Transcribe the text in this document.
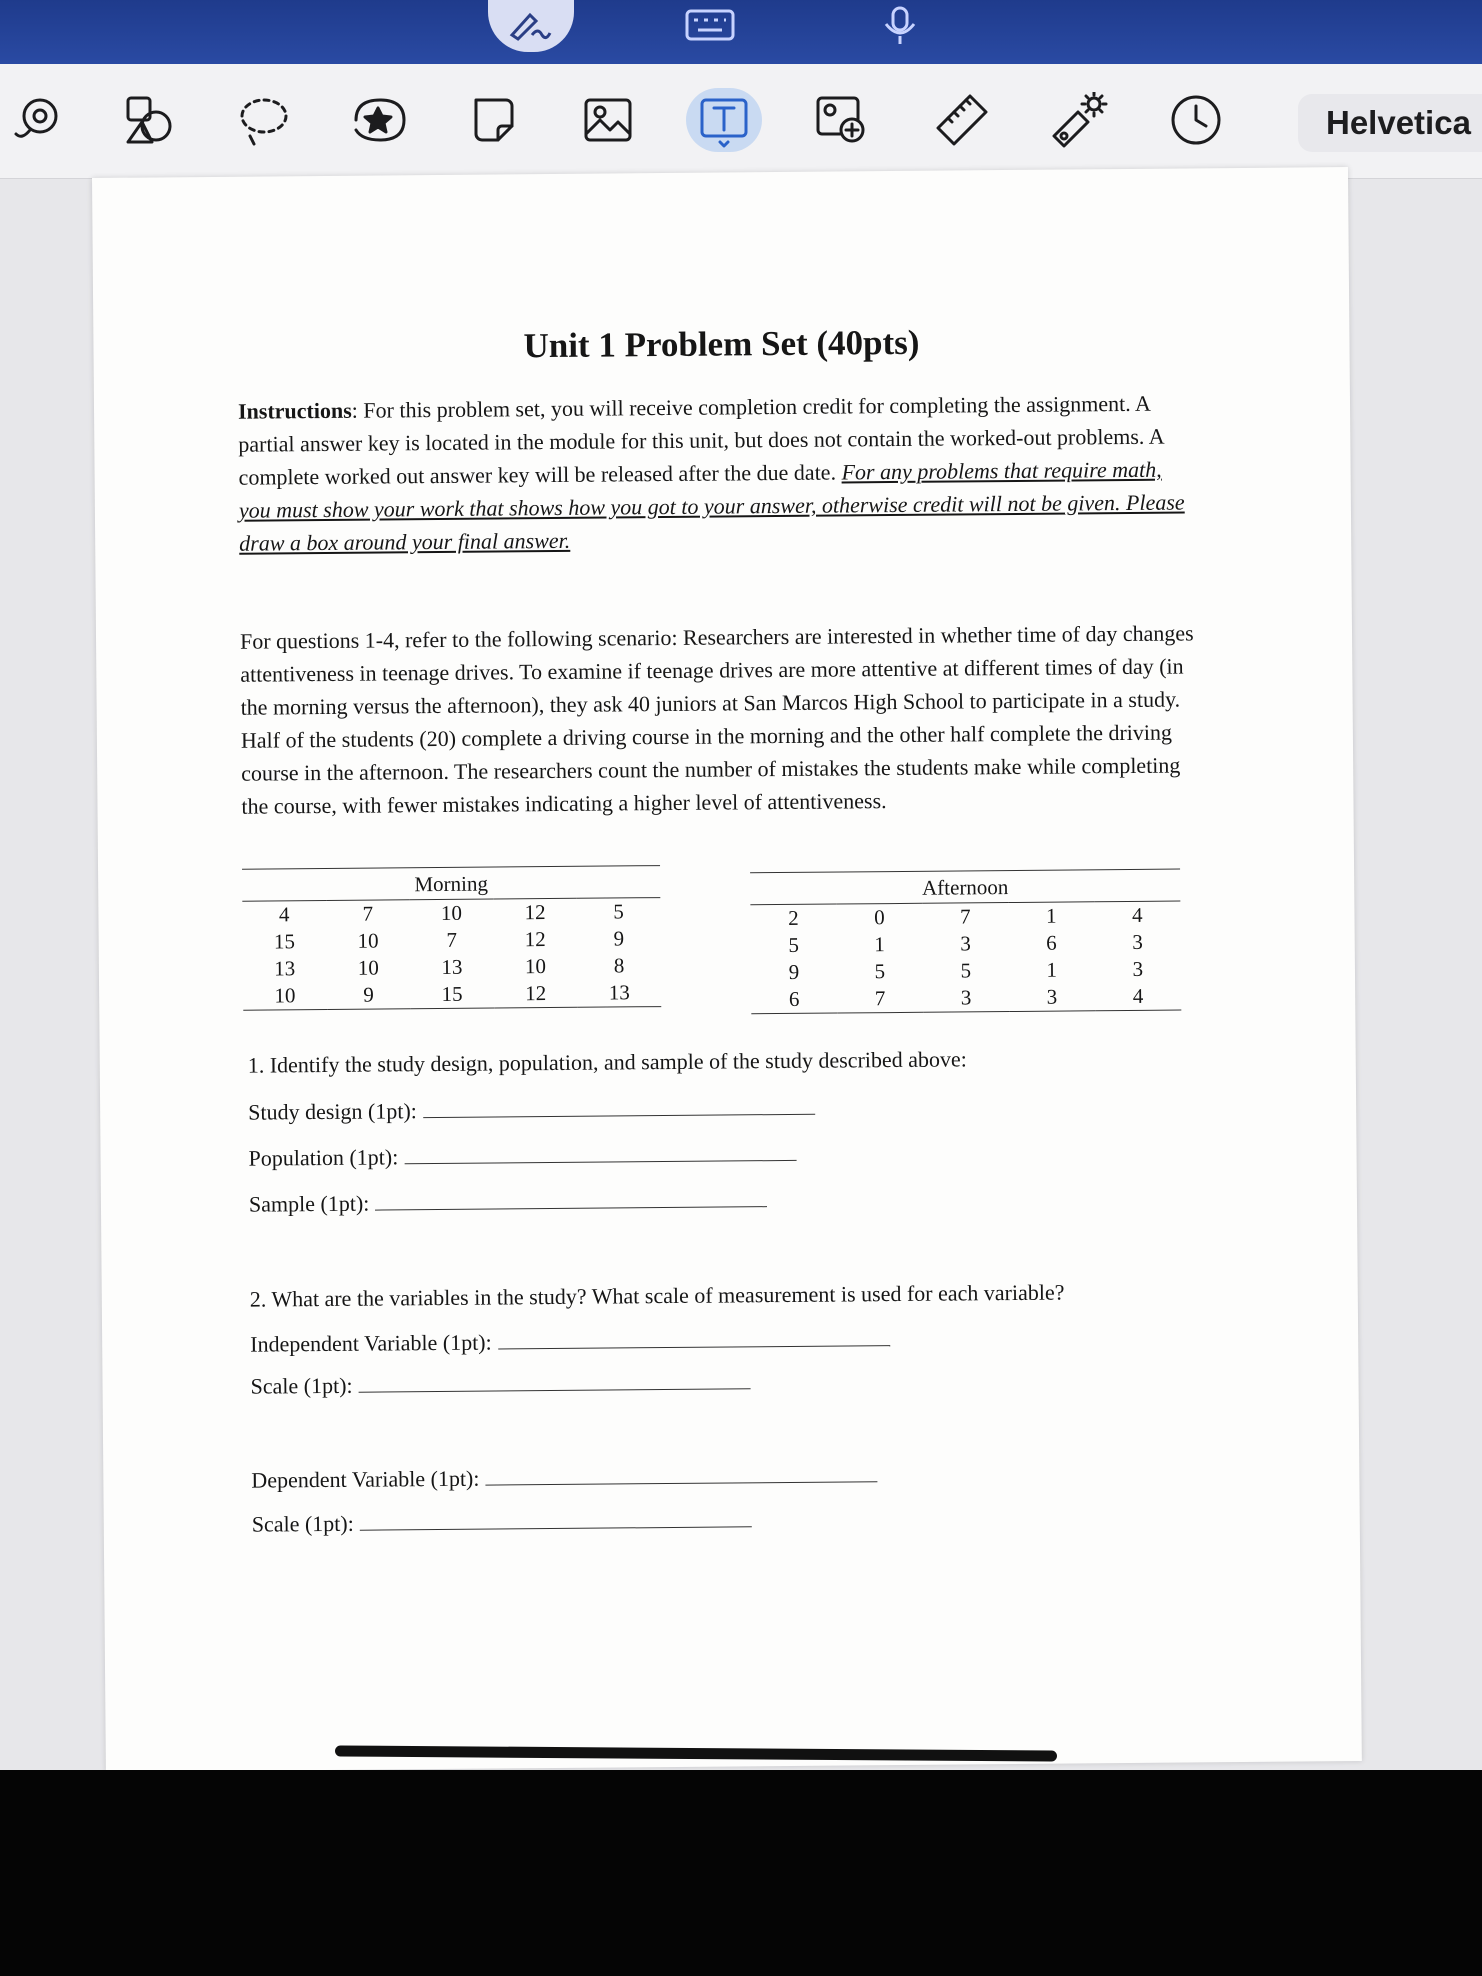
Helvetica
Unit 1 Problem Set (40pts)
Instructions: For this problem set, you will receive completion credit for completing the assignment. A partial answer key is located in the module for this unit, but does not contain the worked-out problems. A complete worked out answer key will be released after the due date. For any problems that require math, you must show your work that shows how you got to your answer, otherwise credit will not be given. Please draw a box around your final answer.
For questions 1-4, refer to the following scenario: Researchers are interested in whether time of day changes attentiveness in teenage drives. To examine if teenage drives are more attentive at different times of day (in the morning versus the afternoon), they ask 40 juniors at San Marcos High School to participate in a study. Half of the students (20) complete a driving course in the morning and the other half complete the driving course in the afternoon. The researchers count the number of mistakes the students make while completing the course, with fewer mistakes indicating a higher level of attentiveness.
Morning				
4	7	10	12	5
15	10	7	12	9
13	10	13	10	8
10	9	15	12	13
Afternoon				
2	0	7	1	4
5	1	3	6	3
9	5	5	1	3
6	7	3	3	4
1. Identify the study design, population, and sample of the study described above:
Study design (1pt):
Population (1pt):
Sample (1pt):
2. What are the variables in the study? What scale of measurement is used for each variable?
Independent Variable (1pt):
Scale (1pt):
Dependent Variable (1pt):
Scale (1pt):
